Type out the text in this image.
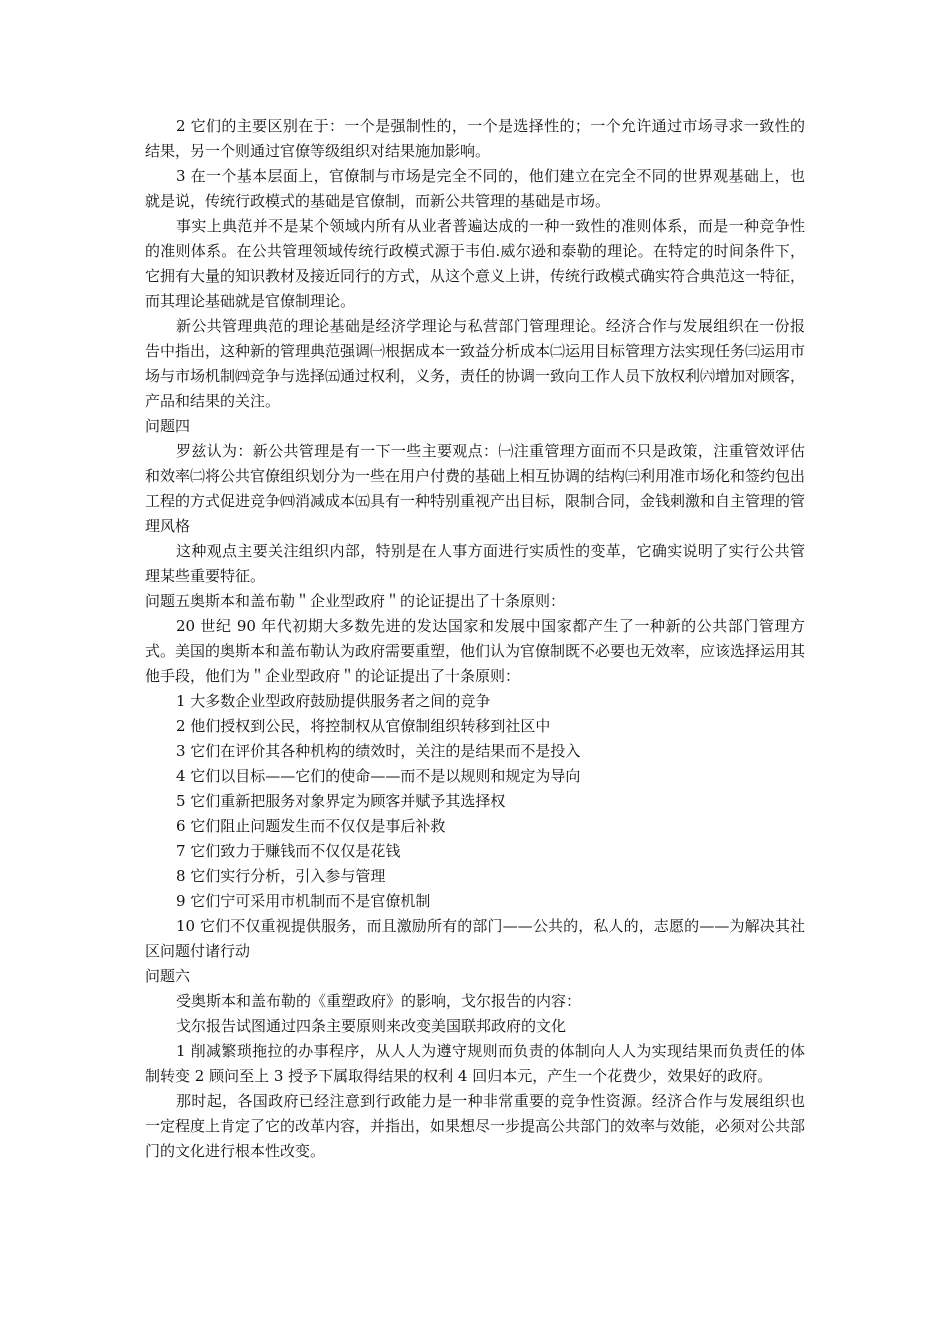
2 它们的主要区别在于：一个是强制性的，一个是选择性的；一个允许通过市场寻求一致性的结果，另一个则通过官僚等级组织对结果施加影响。

3 在一个基本层面上，官僚制与市场是完全不同的，他们建立在完全不同的世界观基础上，也就是说，传统行政模式的基础是官僚制，而新公共管理的基础是市场。

事实上典范并不是某个领域内所有从业者普遍达成的一种一致性的准则体系，而是一种竞争性的准则体系。在公共管理领域传统行政模式源于韦伯.威尔逊和泰勒的理论。在特定的时间条件下，它拥有大量的知识教材及接近同行的方式，从这个意义上讲，传统行政模式确实符合典范这一特征，而其理论基础就是官僚制理论。

新公共管理典范的理论基础是经济学理论与私营部门管理理论。经济合作与发展组织在一份报告中指出，这种新的管理典范强调㈠根据成本一致益分析成本㈡运用目标管理方法实现任务㈢运用市场与市场机制㈣竞争与选择㈤通过权利，义务，责任的协调一致向工作人员下放权利㈥增加对顾客，产品和结果的关注。

问题四

罗兹认为：新公共管理是有一下一些主要观点：㈠注重管理方面而不只是政策，注重管效评估和效率㈡将公共官僚组织划分为一些在用户付费的基础上相互协调的结构㈢利用准市场化和签约包出工程的方式促进竞争㈣消减成本㈤具有一种特别重视产出目标，限制合同，金钱刺激和自主管理的管理风格

这种观点主要关注组织内部，特别是在人事方面进行实质性的变革，它确实说明了实行公共管理某些重要特征。

问题五奥斯本和盖布勒＂企业型政府＂的论证提出了十条原则：

20 世纪 90 年代初期大多数先进的发达国家和发展中国家都产生了一种新的公共部门管理方式。美国的奥斯本和盖布勒认为政府需要重塑，他们认为官僚制既不必要也无效率，应该选择运用其他手段，他们为＂企业型政府＂的论证提出了十条原则：

1 大多数企业型政府鼓励提供服务者之间的竞争

2 他们授权到公民，将控制权从官僚制组织转移到社区中

3 它们在评价其各种机构的绩效时，关注的是结果而不是投入

4 它们以目标——它们的使命——而不是以规则和规定为导向

5 它们重新把服务对象界定为顾客并赋予其选择权

6 它们阻止问题发生而不仅仅是事后补救

7 它们致力于赚钱而不仅仅是花钱

8 它们实行分析，引入参与管理

9 它们宁可采用市机制而不是官僚机制

10 它们不仅重视提供服务，而且激励所有的部门——公共的，私人的，志愿的——为解决其社区问题付诸行动

问题六

受奥斯本和盖布勒的《重塑政府》的影响，戈尔报告的内容：

戈尔报告试图通过四条主要原则来改变美国联邦政府的文化

1 削减繁琐拖拉的办事程序，从人人为遵守规则而负责的体制向人人为实现结果而负责任的体制转变 2 顾问至上 3 授予下属取得结果的权利 4 回归本元，产生一个花费少，效果好的政府。

那时起，各国政府已经注意到行政能力是一种非常重要的竞争性资源。经济合作与发展组织也一定程度上肯定了它的改革内容，并指出，如果想尽一步提高公共部门的效率与效能，必须对公共部门的文化进行根本性改变。
